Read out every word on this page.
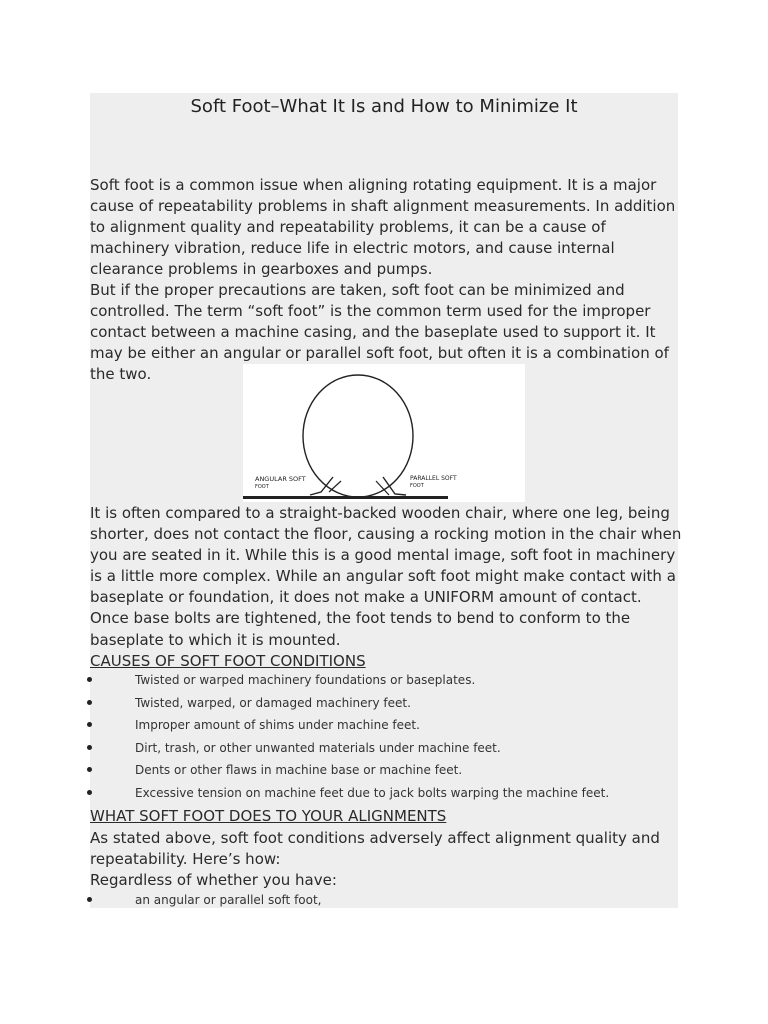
Soft Foot–What It Is and How to Minimize It

Soft foot is a common issue when aligning rotating equipment. It is a major cause of repeatability problems in shaft alignment measurements. In addition to alignment quality and repeatability problems, it can be a cause of machinery vibration, reduce life in electric motors, and cause internal clearance problems in gearboxes and pumps.

But if the proper precautions are taken, soft foot can be minimized and controlled. The term “soft foot” is the common term used for the improper contact between a machine casing, and the baseplate used to support it. It may be either an angular or parallel soft foot, but often it is a combination of the two.

ANGULAR SOFT
FOOT
PARALLEL SOFT
FOOT

It is often compared to a straight-backed wooden chair, where one leg, being shorter, does not contact the floor, causing a rocking motion in the chair when you are seated in it. While this is a good mental image, soft foot in machinery is a little more complex. While an angular soft foot might make contact with a baseplate or foundation, it does not make a UNIFORM amount of contact. Once base bolts are tightened, the foot tends to bend to conform to the baseplate to which it is mounted.

CAUSES OF SOFT FOOT CONDITIONS
Twisted or warped machinery foundations or baseplates.
Twisted, warped, or damaged machinery feet.
Improper amount of shims under machine feet.
Dirt, trash, or other unwanted materials under machine feet.
Dents or other flaws in machine base or machine feet.
Excessive tension on machine feet due to jack bolts warping the machine feet.
WHAT SOFT FOOT DOES TO YOUR ALIGNMENTS
As stated above, soft foot conditions adversely affect alignment quality and repeatability. Here’s how:
Regardless of whether you have:
an angular or parallel soft foot,
